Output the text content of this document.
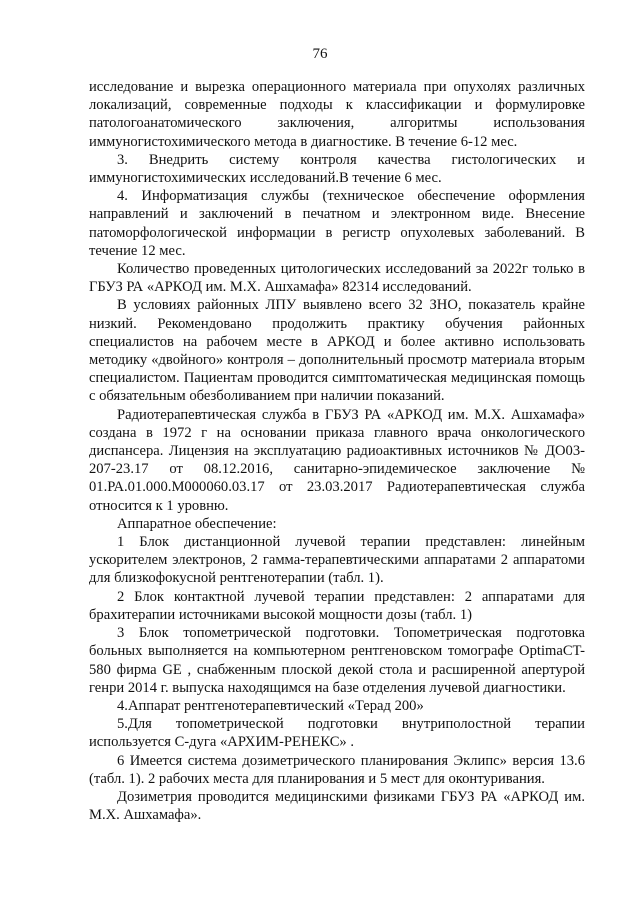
76

исследование и вырезка операционного материала при опухолях различных локализаций, современные подходы к классификации и формулировке патологоанатомического заключения, алгоритмы использования иммуногистохимического метода в диагностике. В течение 6-12 мес.

3. Внедрить систему контроля качества гистологических и иммуногистохимических исследований.В течение 6 мес.

4. Информатизация службы (техническое обеспечение оформления направлений и заключений в печатном и электронном виде. Внесение патоморфологической информации в регистр опухолевых заболеваний. В течение 12 мес.

Количество проведенных цитологических исследований за 2022г только в ГБУЗ РА «АРКОД им. М.Х. Ашхамафа» 82314 исследований.

В условиях районных ЛПУ выявлено всего 32 ЗНО, показатель крайне низкий. Рекомендовано продолжить практику обучения районных специалистов на рабочем месте в АРКОД и более активно использовать методику «двойного» контроля – дополнительный просмотр материала вторым специалистом. Пациентам проводится симптоматическая медицинская помощь с обязательным обезболиванием при наличии показаний.

Радиотерапевтическая служба в ГБУЗ РА «АРКОД им. М.Х. Ашхамафа» создана в 1972 г на основании приказа главного врача онкологического диспансера. Лицензия на эксплуатацию радиоактивных источников № ДО03-207-23.17 от 08.12.2016, санитарно-эпидемическое заключение № 01.РА.01.000.М000060.03.17 от 23.03.2017 Радиотерапевтическая служба относится к 1 уровню.

Аппаратное обеспечение:

1 Блок дистанционной лучевой терапии представлен: линейным ускорителем электронов, 2 гамма-терапевтическими аппаратами 2 аппаратоми для близкофокусной рентгенотерапии (табл. 1).

2 Блок контактной лучевой терапии представлен: 2 аппаратами для брахитерапии источниками высокой мощности дозы (табл. 1)

3 Блок топометрической подготовки. Топометрическая подготовка больных выполняется на компьютерном рентгеновском томографе OptimaCT-580 фирма GE , снабженным плоской декой стола и расширенной апертурой генри 2014 г. выпуска находящимся на базе отделения лучевой диагностики.

4.Аппарат рентгенотерапевтический «Терад 200»

5.Для топометрической подготовки внутриполостной терапии используется С-дуга «АРХИМ-РЕНЕКС» .

6 Имеется система дозиметрического планирования Эклипс» версия 13.6 (табл. 1). 2 рабочих места для планирования и 5 мест для оконтуривания.

Дозиметрия проводится медицинскими физиками ГБУЗ РА «АРКОД им. М.Х. Ашхамафа».
